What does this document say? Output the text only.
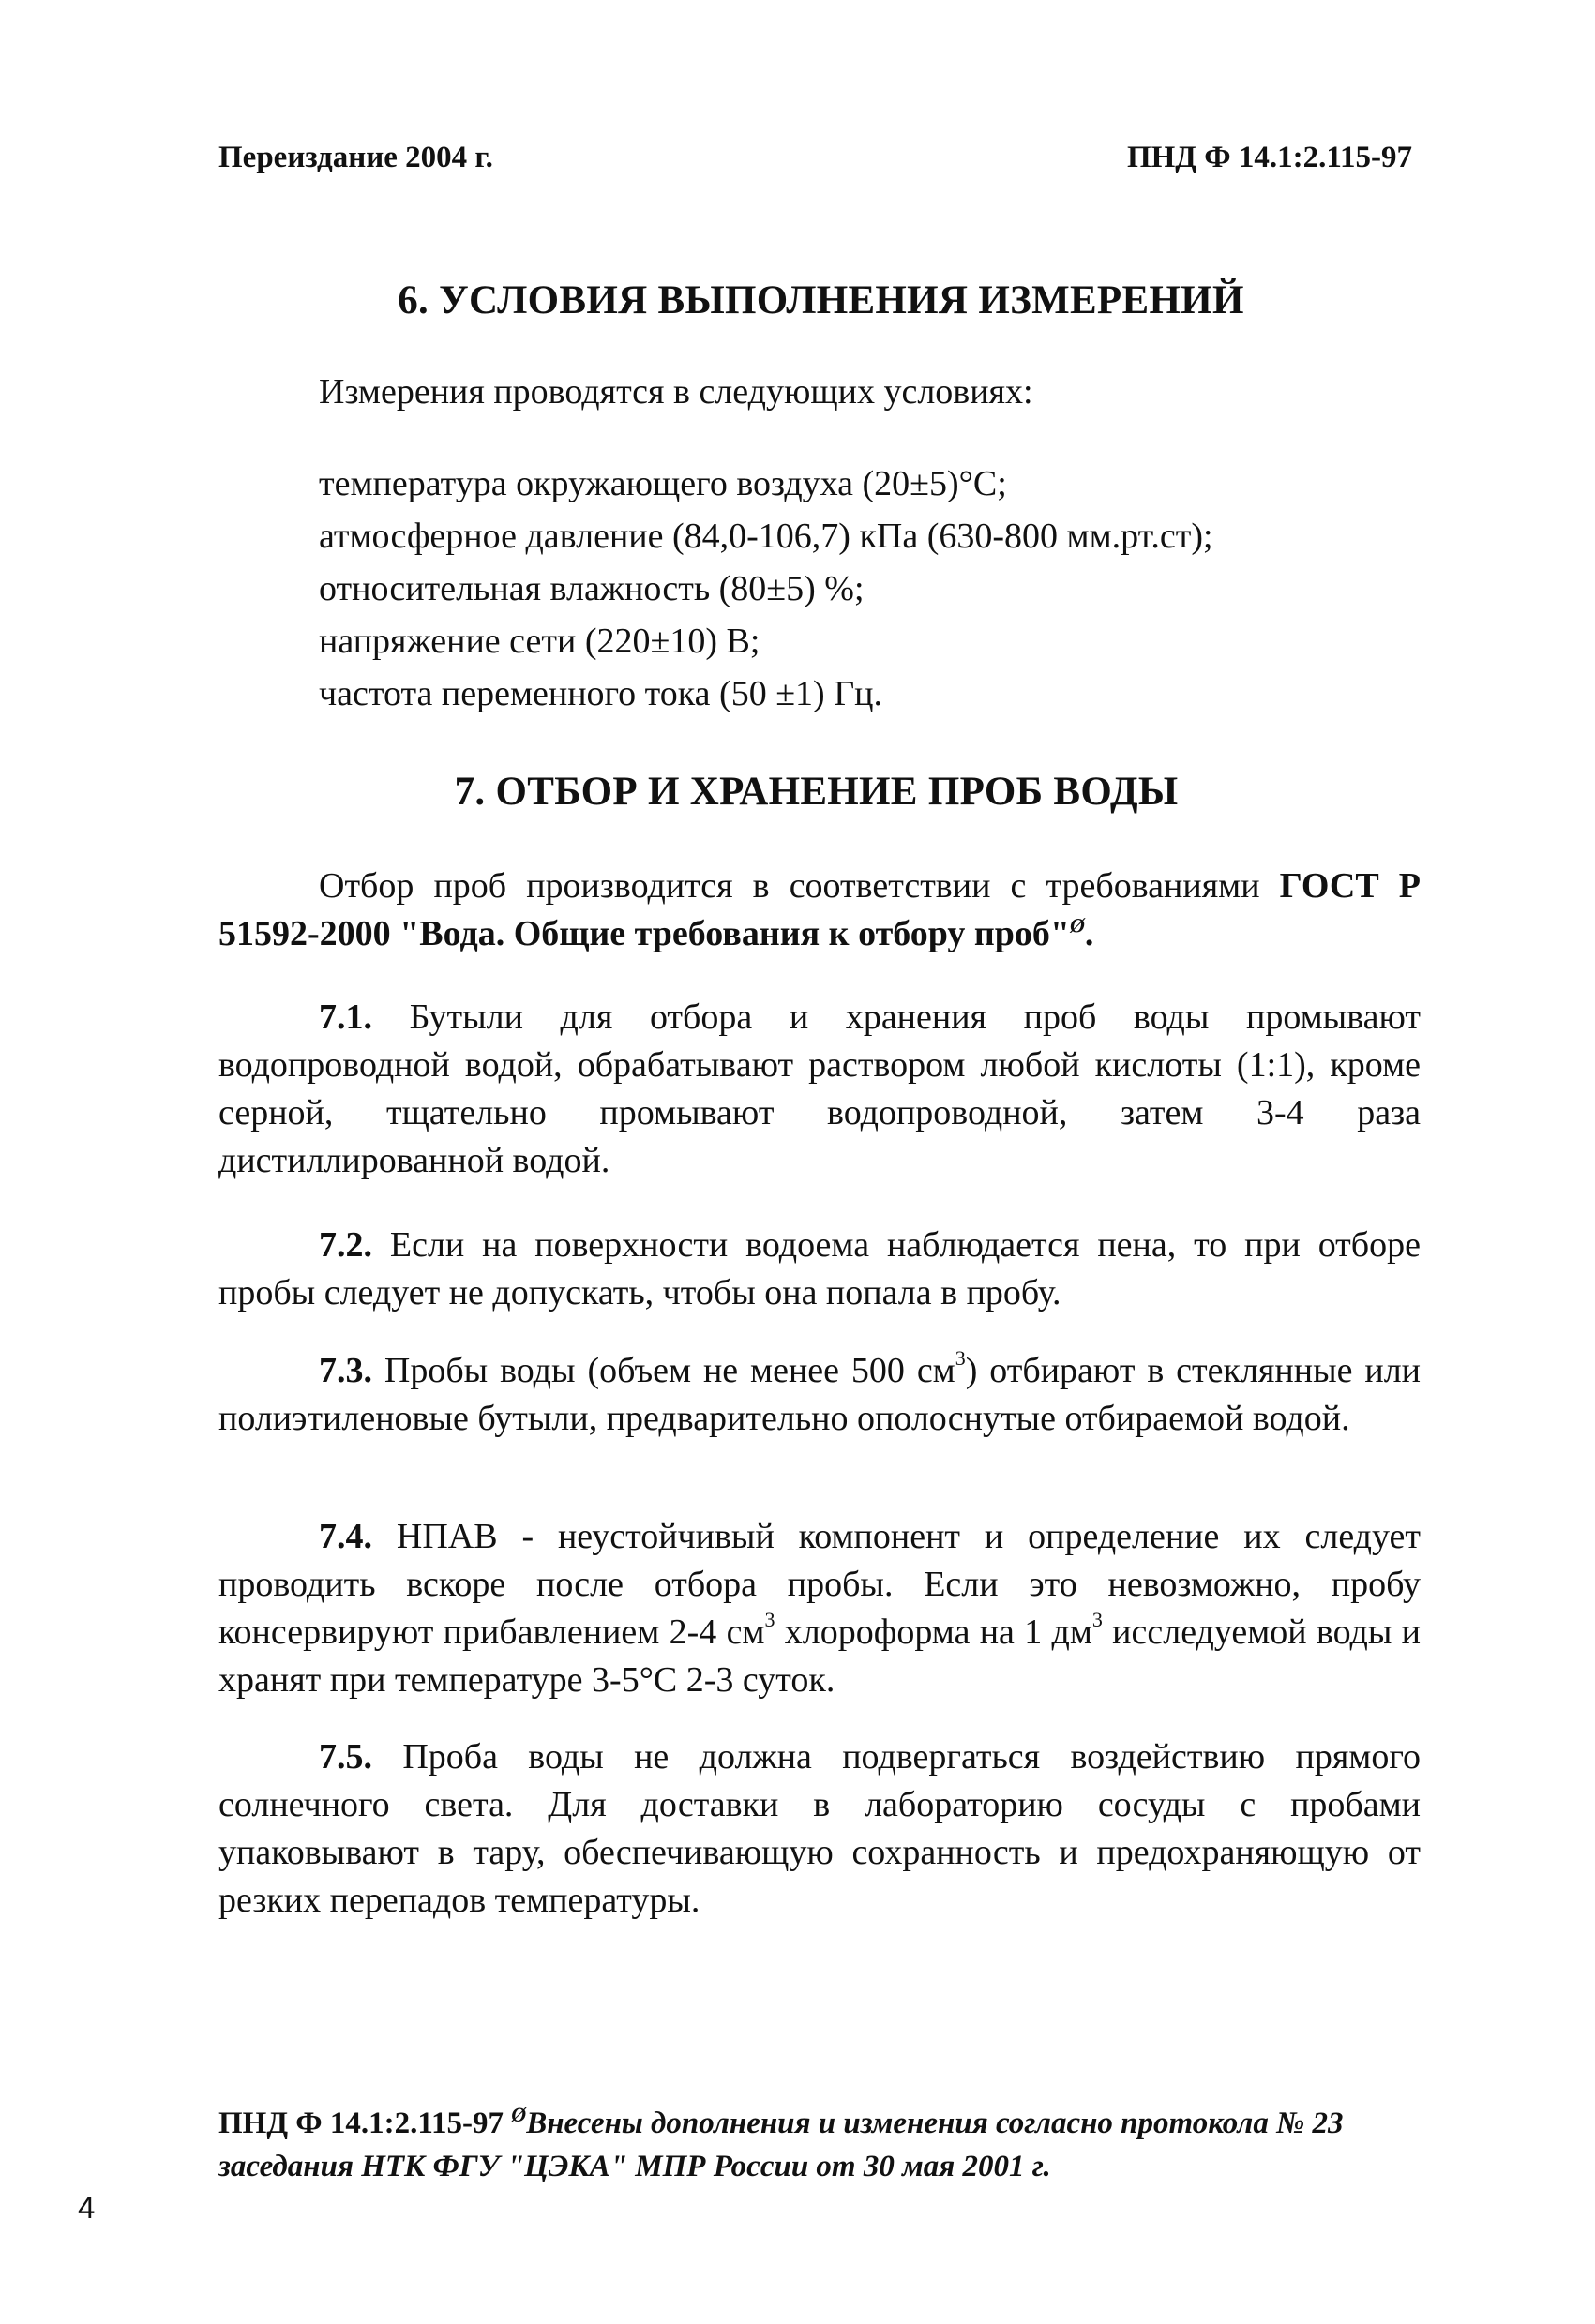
Переиздание 2004 г.	ПНД Ф 14.1:2.115-97
6. УСЛОВИЯ ВЫПОЛНЕНИЯ ИЗМЕРЕНИЙ
Измерения проводятся в следующих условиях:
температура окружающего воздуха (20±5)°С;
атмосферное давление (84,0-106,7) кПа (630-800 мм.рт.ст);
относительная влажность (80±5) %;
напряжение сети (220±10) В;
частота переменного тока (50 ±1) Гц.
7. ОТБОР И ХРАНЕНИЕ ПРОБ ВОДЫ

Отбор проб производится в соответствии с требованиями ГОСТ Р 51592-2000 "Вода. Общие требования к отбору проб"$^Ø$.

7.1. Бутыли для отбора и хранения проб воды промывают водопроводной водой, обрабатывают раствором любой кислоты (1:1), кроме серной, тщательно промывают водопроводной, затем 3-4 раза дистиллированной водой.

7.2. Если на поверхности водоема наблюдается пена, то при отборе пробы следует не допускать, чтобы она попала в пробу.

7.3. Пробы воды (объем не менее 500 $см^3$) отбирают в стеклянные или полиэтиленовые бутыли, предварительно ополоснутые отбираемой водой.

7.4. НПАВ - неустойчивый компонент и определение их следует проводить вскоре после отбора пробы. Если это невозможно, пробу консервируют прибавлением 2-4 $см^3$ хлороформа на 1 $дм^3$ исследуемой воды и хранят при температуре 3-5°С 2-3 суток.

7.5. Проба воды не должна подвергаться воздействию прямого солнечного света. Для доставки в лабораторию сосуды с пробами упаковывают в тару, обеспечивающую сохранность и предохраняющую от резких перепадов температуры.

ПНД Ф 14.1:2.115-97 $^Ø$Внесены дополнения и изменения согласно протокола № 23 заседания НТК ФГУ "ЦЭКА" МПР России от 30 мая 2001 г.

4
